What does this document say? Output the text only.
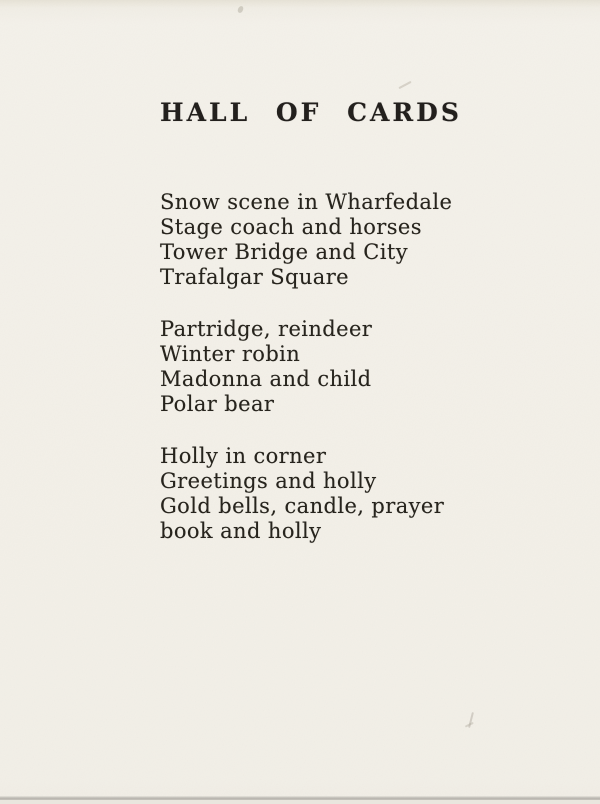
HALL OF CARDS
Snow scene in Wharfedale
Stage coach and horses
Tower Bridge and City
Trafalgar Square
Partridge, reindeer
Winter robin
Madonna and child
Polar bear
Holly in corner
Greetings and holly
Gold bells, candle, prayer
book and holly
